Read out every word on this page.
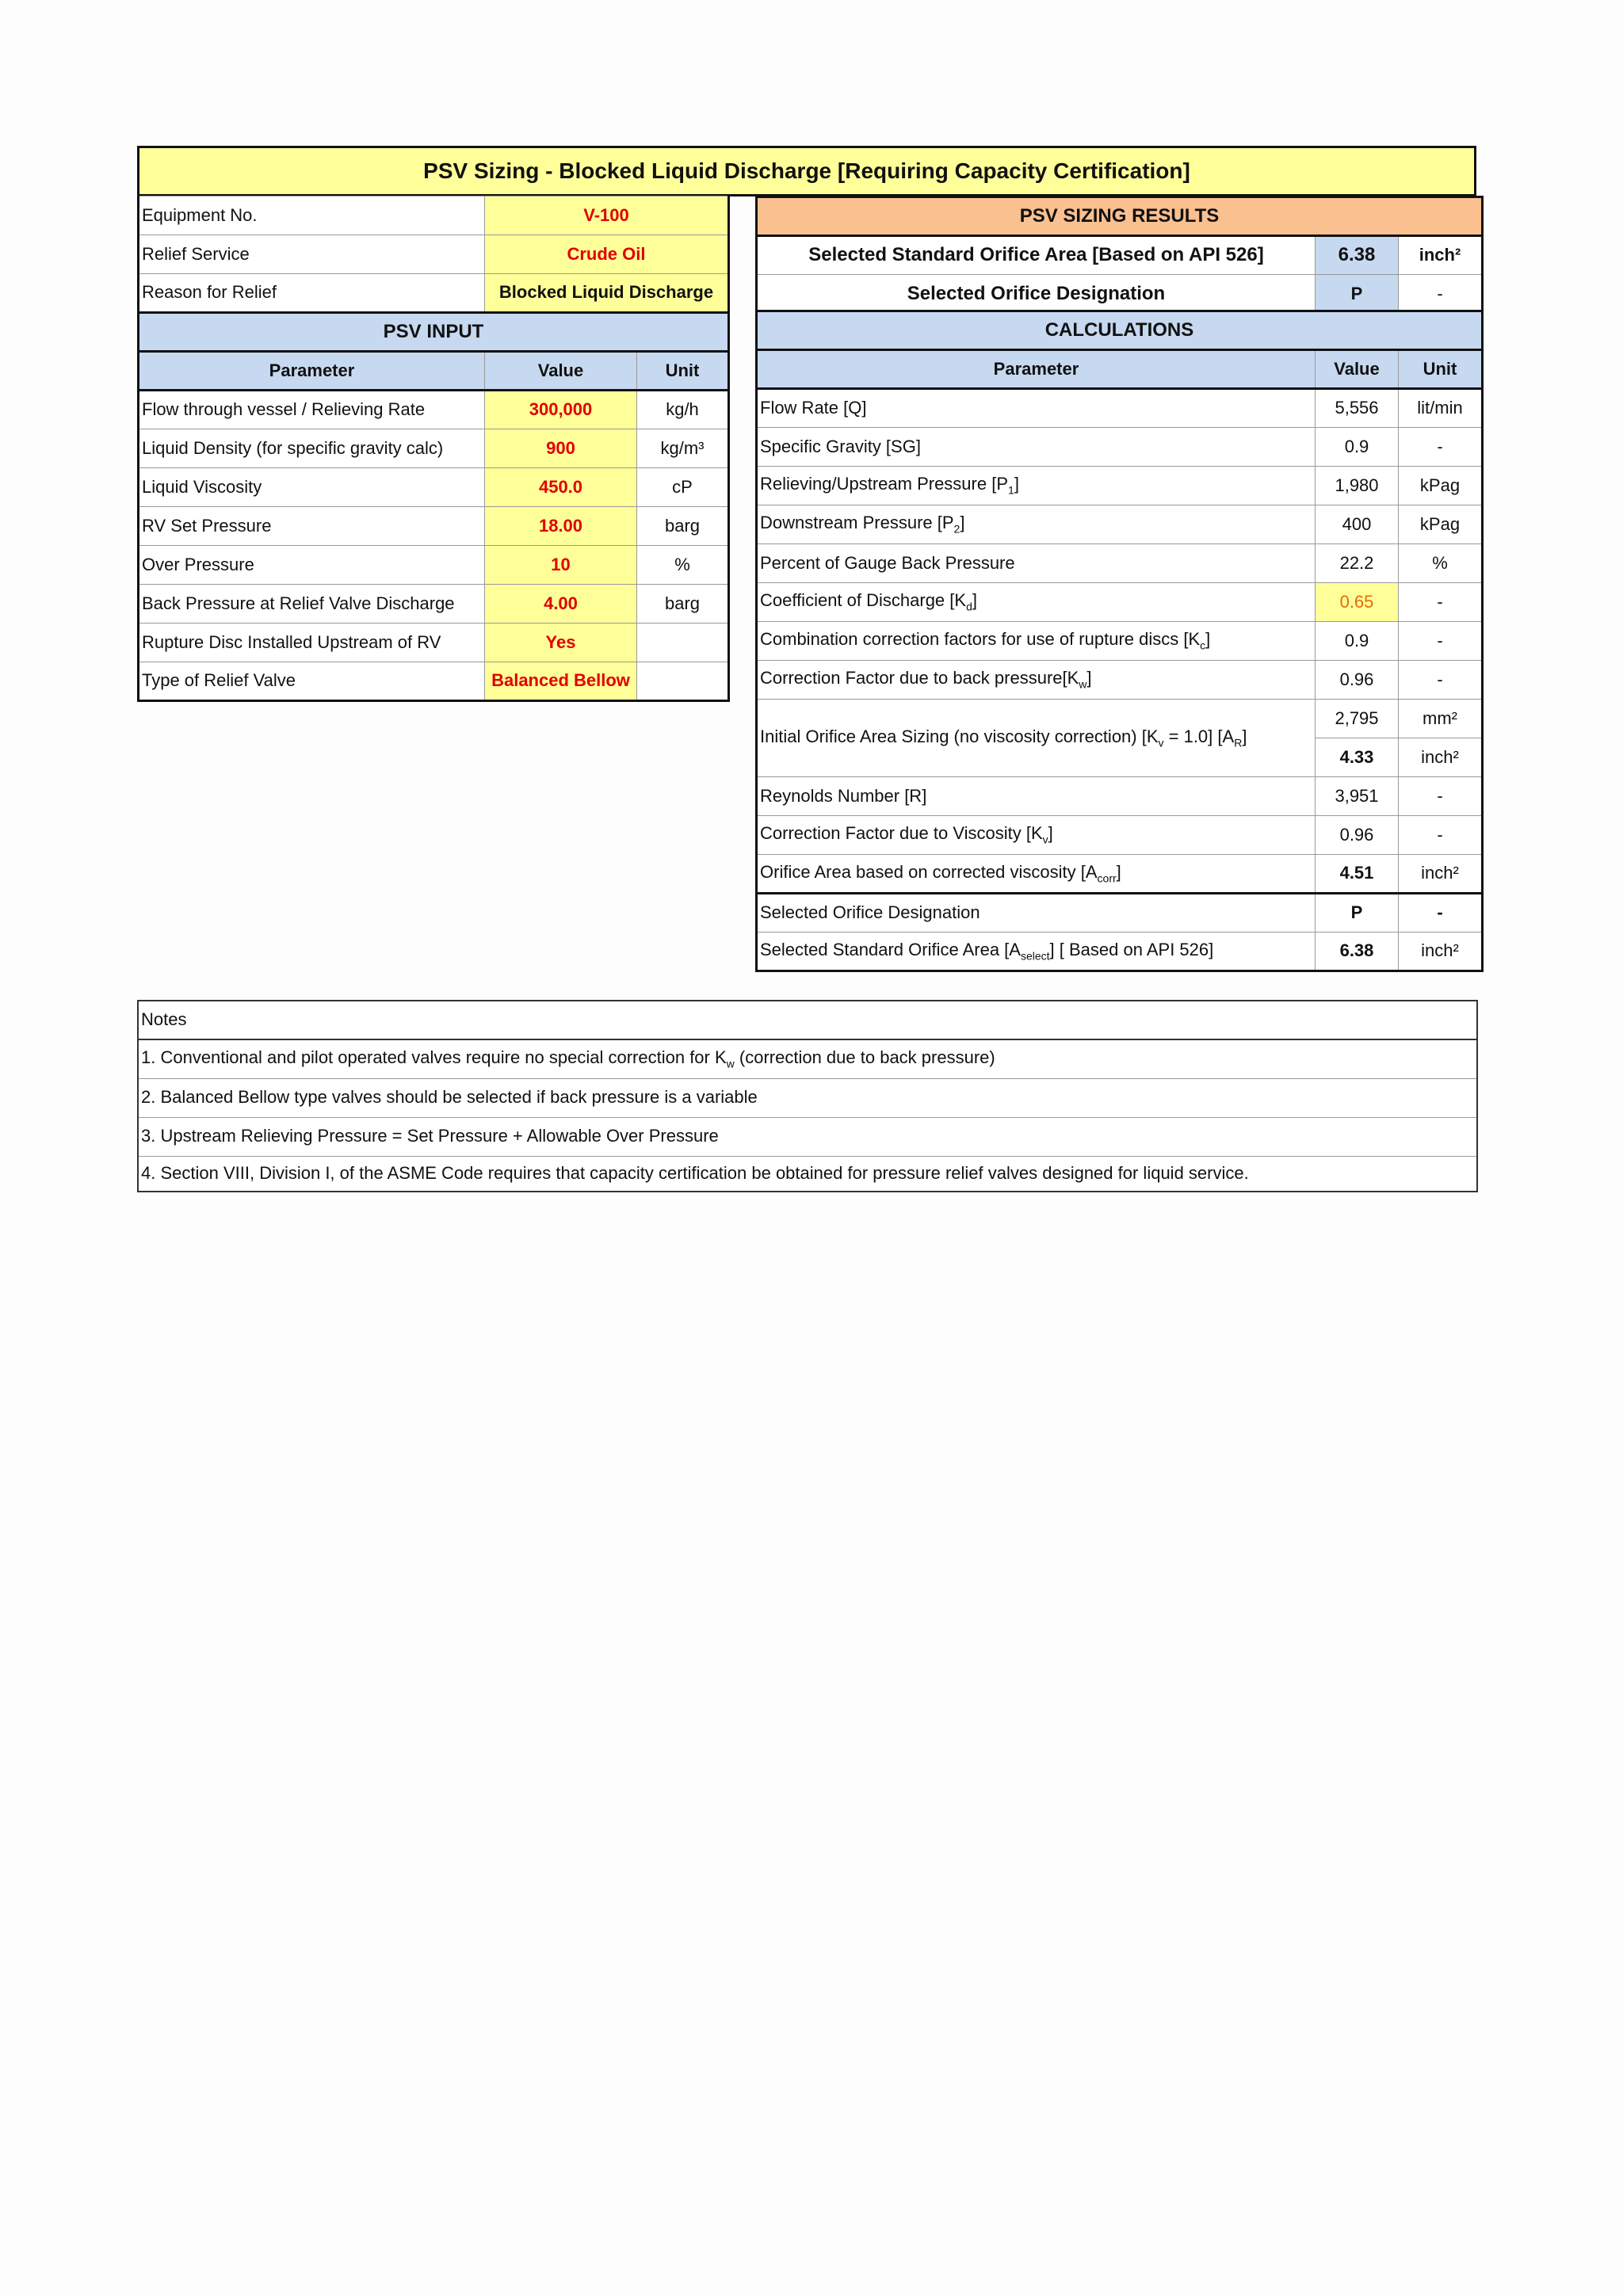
PSV Sizing - Blocked Liquid Discharge [Requiring Capacity Certification]
Equipment No.	V-100	
Relief Service	Crude Oil	
Reason for Relief	Blocked Liquid Discharge	
PSV INPUT		
Parameter	Value	Unit
Flow through vessel / Relieving Rate	300,000	kg/h
Liquid Density (for specific gravity calc)	900	kg/m³
Liquid Viscosity	450.0	cP
RV Set Pressure	18.00	barg
Over Pressure	10	%
Back Pressure at Relief Valve Discharge	4.00	barg
Rupture Disc Installed Upstream of RV	Yes	
Type of Relief Valve	Balanced Bellow	
PSV SIZING RESULTS		
Selected Standard Orifice Area [Based on API 526]	6.38	inch²
Selected Orifice Designation	P	-
CALCULATIONS		
Parameter	Value	Unit
Flow Rate [Q]	5,556	lit/min
Specific Gravity [SG]	0.9	-
Relieving/Upstream Pressure $[P_1]$	1,980	kPag
Downstream Pressure $[P_2]$	400	kPag
Percent of Gauge Back Pressure	22.2	%
Coefficient of Discharge $[K_d]$	0.65	-
Combination correction factors for use of rupture discs $[K_c]$	0.9	-
Correction Factor due to back $pressure[K_w]$	0.96	-
Initial Orifice Area Sizing (no viscosity correction) $[K_v = 1.0]$ $[A_R]$	2,795	mm²
	4.33	inch²
Reynolds Number [R]	3,951	-
Correction Factor due to Viscosity $[K_v]$	0.96	-
Orifice Area based on corrected viscosity $[A_{corr}]$	4.51	inch²
Selected Orifice Designation	P	-
Selected Standard Orifice Area $[A_{select}]$ [ Based on API 526]	6.38	inch²
Notes
1. Conventional and pilot operated valves require no special correction for $K_w$ (correction due to back pressure)
2. Balanced Bellow type valves should be selected if back pressure is a variable
3. Upstream Relieving Pressure = Set Pressure + Allowable Over Pressure
4. Section VIII, Division I, of the ASME Code requires that capacity certification be obtained for pressure relief valves designed for liquid service.
